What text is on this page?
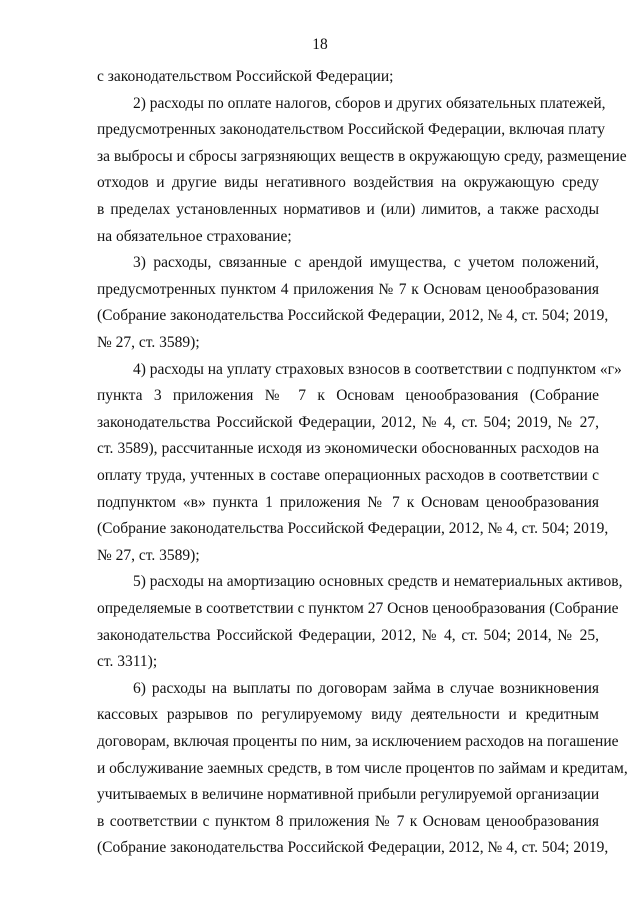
18
с законодательством Российской Федерации;
2) расходы по оплате налогов, сборов и других обязательных платежей,
предусмотренных законодательством Российской Федерации, включая плату
за выбросы и сбросы загрязняющих веществ в окружающую среду, размещение
отходов и другие виды негативного воздействия на окружающую среду
в пределах установленных нормативов и (или) лимитов, а также расходы
на обязательное страхование;
3) расходы, связанные с арендой имущества, с учетом положений,
предусмотренных пунктом 4 приложения № 7 к Основам ценообразования
(Собрание законодательства Российской Федерации, 2012, № 4, ст. 504; 2019,
№ 27, ст. 3589);
4) расходы на уплату страховых взносов в соответствии с подпунктом «г»
пункта 3 приложения № 7 к Основам ценообразования (Собрание
законодательства Российской Федерации, 2012, № 4, ст. 504; 2019, № 27,
ст. 3589), рассчитанные исходя из экономически обоснованных расходов на
оплату труда, учтенных в составе операционных расходов в соответствии с
подпунктом «в» пункта 1 приложения № 7 к Основам ценообразования
(Собрание законодательства Российской Федерации, 2012, № 4, ст. 504; 2019,
№ 27, ст. 3589);
5) расходы на амортизацию основных средств и нематериальных активов,
определяемые в соответствии с пунктом 27 Основ ценообразования (Собрание
законодательства Российской Федерации, 2012, № 4, ст. 504; 2014, № 25,
ст. 3311);
6) расходы на выплаты по договорам займа в случае возникновения
кассовых разрывов по регулируемому виду деятельности и кредитным
договорам, включая проценты по ним, за исключением расходов на погашение
и обслуживание заемных средств, в том числе процентов по займам и кредитам,
учитываемых в величине нормативной прибыли регулируемой организации
в соответствии с пунктом 8 приложения № 7 к Основам ценообразования
(Собрание законодательства Российской Федерации, 2012, № 4, ст. 504; 2019,
